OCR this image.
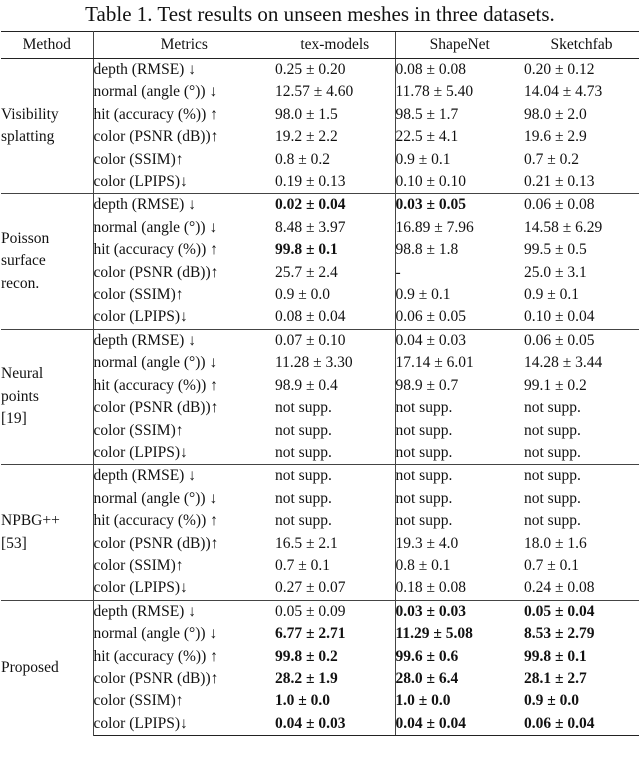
Table 1. Test results on unseen meshes in three datasets.
Method	Metrics	tex-models	ShapeNet	Sketchfab

Visibility
splatting	depth (RMSE) ↓	0.25 ± 0.20	0.08 ± 0.08	0.20 ± 0.12
	normal (angle (°)) ↓	12.57 ± 4.60	11.78 ± 5.40	14.04 ± 4.73
	hit (accuracy (%)) ↑	98.0 ± 1.5	98.5 ± 1.7	98.0 ± 2.0
	color (PSNR (dB))↑	19.2 ± 2.2	22.5 ± 4.1	19.6 ± 2.9
	color (SSIM)↑	0.8 ± 0.2	0.9 ± 0.1	0.7 ± 0.2
	color (LPIPS)↓	0.19 ± 0.13	0.10 ± 0.10	0.21 ± 0.13

Poisson
surface
recon.	depth (RMSE) ↓	0.02 ± 0.04	0.03 ± 0.05	0.06 ± 0.08
	normal (angle (°)) ↓	8.48 ± 3.97	16.89 ± 7.96	14.58 ± 6.29
	hit (accuracy (%)) ↑	99.8 ± 0.1	98.8 ± 1.8	99.5 ± 0.5
	color (PSNR (dB))↑	25.7 ± 2.4	-	25.0 ± 3.1
	color (SSIM)↑	0.9 ± 0.0	0.9 ± 0.1	0.9 ± 0.1
	color (LPIPS)↓	0.08 ± 0.04	0.06 ± 0.05	0.10 ± 0.04

Neural
points
[19]	depth (RMSE) ↓	0.07 ± 0.10	0.04 ± 0.03	0.06 ± 0.05
	normal (angle (°)) ↓	11.28 ± 3.30	17.14 ± 6.01	14.28 ± 3.44
	hit (accuracy (%)) ↑	98.9 ± 0.4	98.9 ± 0.7	99.1 ± 0.2
	color (PSNR (dB))↑	not supp.	not supp.	not supp.
	color (SSIM)↑	not supp.	not supp.	not supp.
	color (LPIPS)↓	not supp.	not supp.	not supp.

NPBG++
[53]	depth (RMSE) ↓	not supp.	not supp.	not supp.
	normal (angle (°)) ↓	not supp.	not supp.	not supp.
	hit (accuracy (%)) ↑	not supp.	not supp.	not supp.
	color (PSNR (dB))↑	16.5 ± 2.1	19.3 ± 4.0	18.0 ± 1.6
	color (SSIM)↑	0.7 ± 0.1	0.8 ± 0.1	0.7 ± 0.1
	color (LPIPS)↓	0.27 ± 0.07	0.18 ± 0.08	0.24 ± 0.08

Proposed	depth (RMSE) ↓	0.05 ± 0.09	0.03 ± 0.03	0.05 ± 0.04
	normal (angle (°)) ↓	6.77 ± 2.71	11.29 ± 5.08	8.53 ± 2.79
	hit (accuracy (%)) ↑	99.8 ± 0.2	99.6 ± 0.6	99.8 ± 0.1
	color (PSNR (dB))↑	28.2 ± 1.9	28.0 ± 6.4	28.1 ± 2.7
	color (SSIM)↑	1.0 ± 0.0	1.0 ± 0.0	0.9 ± 0.0
	color (LPIPS)↓	0.04 ± 0.03	0.04 ± 0.04	0.06 ± 0.04
